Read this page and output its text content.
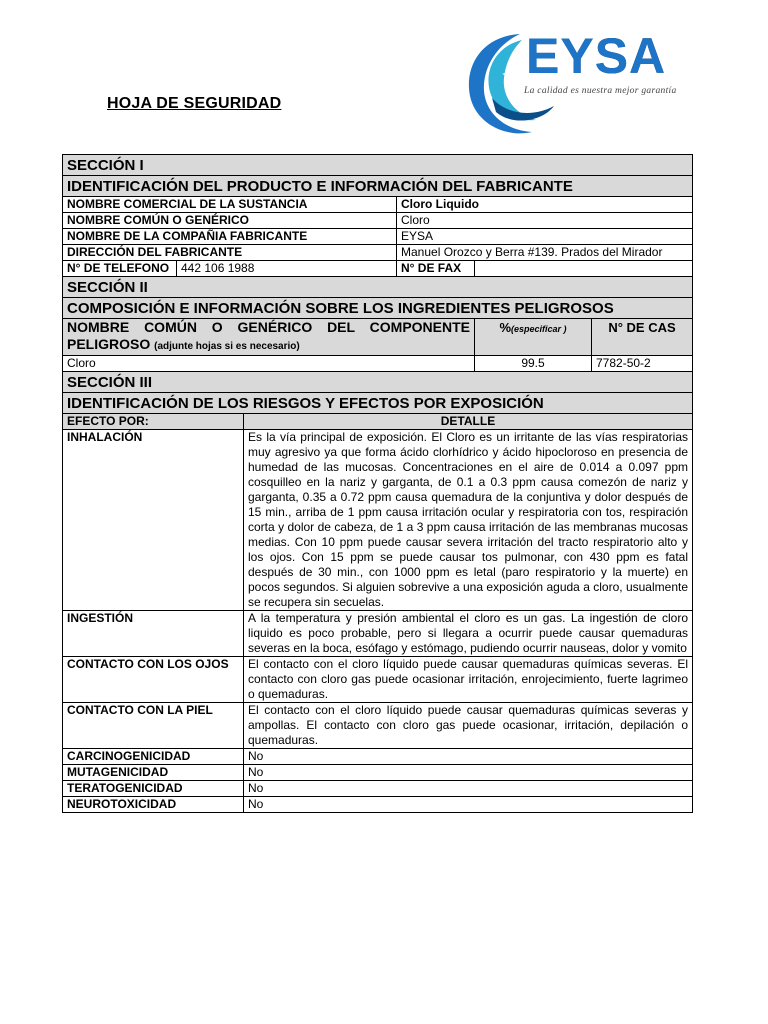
HOJA DE SEGURIDAD
EYSA
La calidad es nuestra mejor garantía
SECCIÓN I					
IDENTIFICACIÓN DEL PRODUCTO E INFORMACIÓN DEL FABRICANTE					
NOMBRE COMERCIAL DE LA SUSTANCIA			Cloro Liquido		
NOMBRE COMÚN O GENÉRICO			Cloro		
NOMBRE DE LA COMPAÑIA FABRICANTE			EYSA		
DIRECCIÓN DEL FABRICANTE			Manuel Orozco y Berra #139. Prados del Mirador		
N° DE TELEFONO	442 106 1988		N° DE FAX		
SECCIÓN II					
COMPOSICIÓN E INFORMACIÓN SOBRE LOS INGREDIENTES PELIGROSOS					
NOMBRE COMÚN O GENÉRICO DEL COMPONENTE PELIGROSO (adjunte hojas si es necesario)				%(especificar )	N° DE CAS
Cloro				99.5	7782-50-2
SECCIÓN III					
IDENTIFICACIÓN DE LOS RIESGOS Y EFECTOS POR EXPOSICIÓN					
EFECTO POR:		DETALLE			
INHALACIÓN		Es la vía principal de exposición. El Cloro es un irritante de las vías respiratorias muy agresivo ya que forma ácido clorhídrico y ácido hipocloroso en presencia de humedad de las mucosas. Concentraciones en el aire de 0.014 a 0.097 ppm cosquilleo en la nariz y garganta, de 0.1 a 0.3 ppm causa comezón de nariz y garganta, 0.35 a 0.72 ppm causa quemadura de la conjuntiva y dolor después de 15 min., arriba de 1 ppm causa irritación ocular y respiratoria con tos, respiración corta y dolor de cabeza, de 1 a 3 ppm causa irritación de las membranas mucosas medias. Con 10 ppm puede causar severa irritación del tracto respiratorio alto y los ojos. Con 15 ppm se puede causar tos pulmonar, con 430 ppm es fatal después de 30 min., con 1000 ppm es letal (paro respiratorio y la muerte) en pocos segundos. Si alguien sobrevive a una exposición aguda a cloro, usualmente se recupera sin secuelas.			
INGESTIÓN		A la temperatura y presión ambiental el cloro es un gas. La ingestión de cloro liquido es poco probable, pero si llegara a ocurrir puede causar quemaduras severas en la boca, esófago y estómago, pudiendo ocurrir nauseas, dolor y vomito			
CONTACTO CON LOS OJOS		El contacto con el cloro líquido puede causar quemaduras químicas severas. El contacto con cloro gas puede ocasionar irritación, enrojecimiento, fuerte lagrimeo o quemaduras.			
CONTACTO CON LA PIEL		El contacto con el cloro líquido puede causar quemaduras químicas severas y ampollas. El contacto con cloro gas puede ocasionar, irritación, depilación o quemaduras.			
CARCINOGENICIDAD		No			
MUTAGENICIDAD		No			
TERATOGENICIDAD		No			
NEUROTOXICIDAD		No			
